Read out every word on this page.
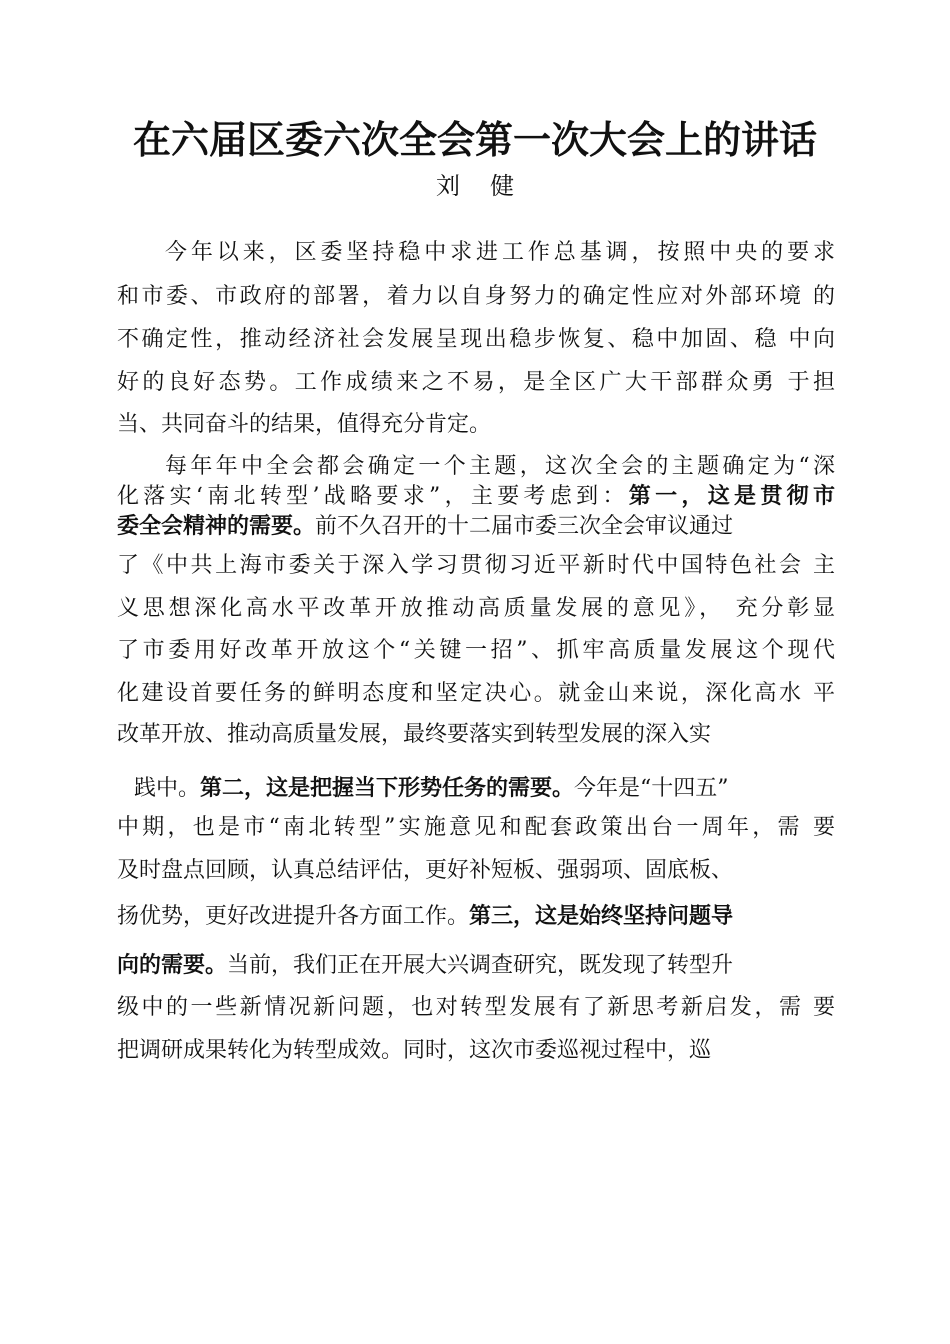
在六届区委六次全会第一次大会上的讲话
刘 健
今年以来，区委坚持稳中求进工作总基调，按照中央的要求
和市委、市政府的部署，着力以自身努力的确定性应对外部环境 的
不确定性，推动经济社会发展呈现出稳步恢复、稳中加固、稳 中向
好的良好态势。工作成绩来之不易，是全区广大干部群众勇 于担
当、共同奋斗的结果，值得充分肯定。
每年年中全会都会确定一个主题，这次全会的主题确定为“深
化落实‘南北转型’战略要求”，主要考虑到：第一，这是贯彻市
委全会精神的需要。前不久召开的十二届市委三次全会审议通过
了《中共上海市委关于深入学习贯彻习近平新时代中国特色社会 主
义思想深化高水平改革开放推动高质量发展的意见》， 充分彰显
了市委用好改革开放这个“关键一招”、抓牢高质量发展这个现代
化建设首要任务的鲜明态度和坚定决心。就金山来说，深化高水 平
改革开放、推动高质量发展，最终要落实到转型发展的深入实
践中。第二，这是把握当下形势任务的需要。今年是“十四五”
中期，也是市“南北转型”实施意见和配套政策出台一周年，需 要
及时盘点回顾，认真总结评估，更好补短板、强弱项、固底板、
扬优势，更好改进提升各方面工作。第三，这是始终坚持问题导
向的需要。当前，我们正在开展大兴调查研究，既发现了转型升
级中的一些新情况新问题，也对转型发展有了新思考新启发，需 要
把调研成果转化为转型成效。同时，这次市委巡视过程中，巡
